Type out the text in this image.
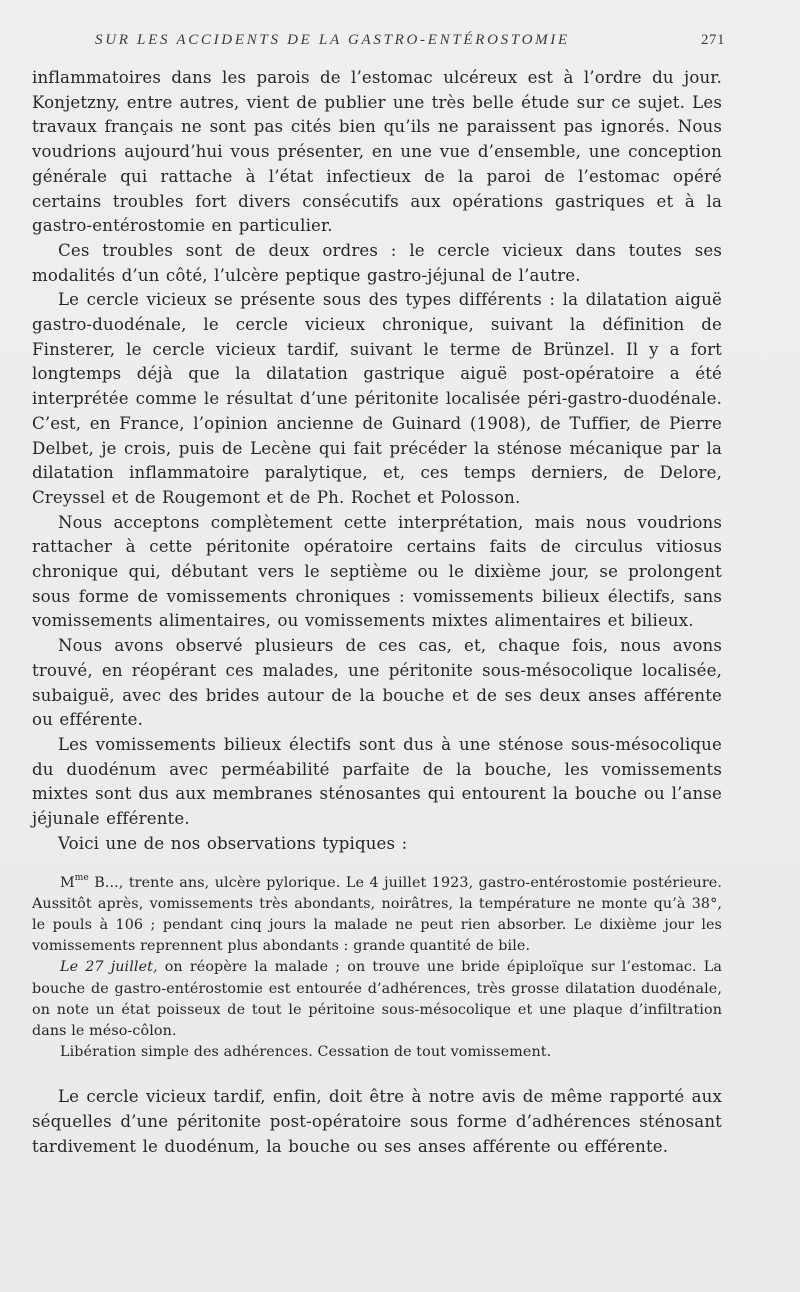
SUR LES ACCIDENTS DE LA GASTRO-ENTÉROSTOMIE	271

inflammatoires dans les parois de l’estomac ulcéreux est à l’ordre du jour. Konjetzny, entre autres, vient de publier une très belle étude sur ce sujet. Les travaux français ne sont pas cités bien qu’ils ne paraissent pas ignorés. Nous voudrions aujourd’hui vous présenter, en une vue d’ensemble, une conception générale qui rattache à l’état infectieux de la paroi de l’estomac opéré certains troubles fort divers consécutifs aux opérations gastriques et à la gastro-entérostomie en particulier.

Ces troubles sont de deux ordres : le cercle vicieux dans toutes ses modalités d’un côté, l’ulcère peptique gastro-jéjunal de l’autre.

Le cercle vicieux se présente sous des types différents : la dilatation aiguë gastro-duodénale, le cercle vicieux chronique, suivant la définition de Finsterer, le cercle vicieux tardif, suivant le terme de Brünzel. Il y a fort longtemps déjà que la dilatation gastrique aiguë post-opératoire a été interprétée comme le résultat d’une péritonite localisée péri-gastro-duodénale. C’est, en France, l’opinion ancienne de Guinard (1908), de Tuffier, de Pierre Delbet, je crois, puis de Lecène qui fait précéder la sténose mécanique par la dilatation inflammatoire paralytique, et, ces temps derniers, de Delore, Creyssel et de Rougemont et de Ph. Rochet et Polosson.

Nous acceptons complètement cette interprétation, mais nous voudrions rattacher à cette péritonite opératoire certains faits de circulus vitiosus chronique qui, débutant vers le septième ou le dixième jour, se prolongent sous forme de vomissements chroniques : vomissements bilieux électifs, sans vomissements alimentaires, ou vomissements mixtes alimentaires et bilieux.

Nous avons observé plusieurs de ces cas, et, chaque fois, nous avons trouvé, en réopérant ces malades, une péritonite sous-mésocolique localisée, subaiguë, avec des brides autour de la bouche et de ses deux anses afférente ou efférente.

Les vomissements bilieux électifs sont dus à une sténose sous-mésocolique du duodénum avec perméabilité parfaite de la bouche, les vomissements mixtes sont dus aux membranes sténosantes qui entourent la bouche ou l’anse jéjunale efférente.

Voici une de nos observations typiques :

$M^{me}$ B..., trente ans, ulcère pylorique. Le 4 juillet 1923, gastro-entérostomie postérieure. Aussitôt après, vomissements très abondants, noirâtres, la température ne monte qu’à 38°, le pouls à 106 ; pendant cinq jours la malade ne peut rien absorber. Le dixième jour les vomissements reprennent plus abondants : grande quantité de bile.

Le 27 juillet, on réopère la malade ; on trouve une bride épiploïque sur l’estomac. La bouche de gastro-entérostomie est entourée d’adhérences, très grosse dilatation duodénale, on note un état poisseux de tout le péritoine sous-mésocolique et une plaque d’infiltration dans le méso-côlon.

Libération simple des adhérences. Cessation de tout vomissement.

Le cercle vicieux tardif, enfin, doit être à notre avis de même rapporté aux séquelles d’une péritonite post-opératoire sous forme d’adhérences sténosant tardivement le duodénum, la bouche ou ses anses afférente ou efférente.
